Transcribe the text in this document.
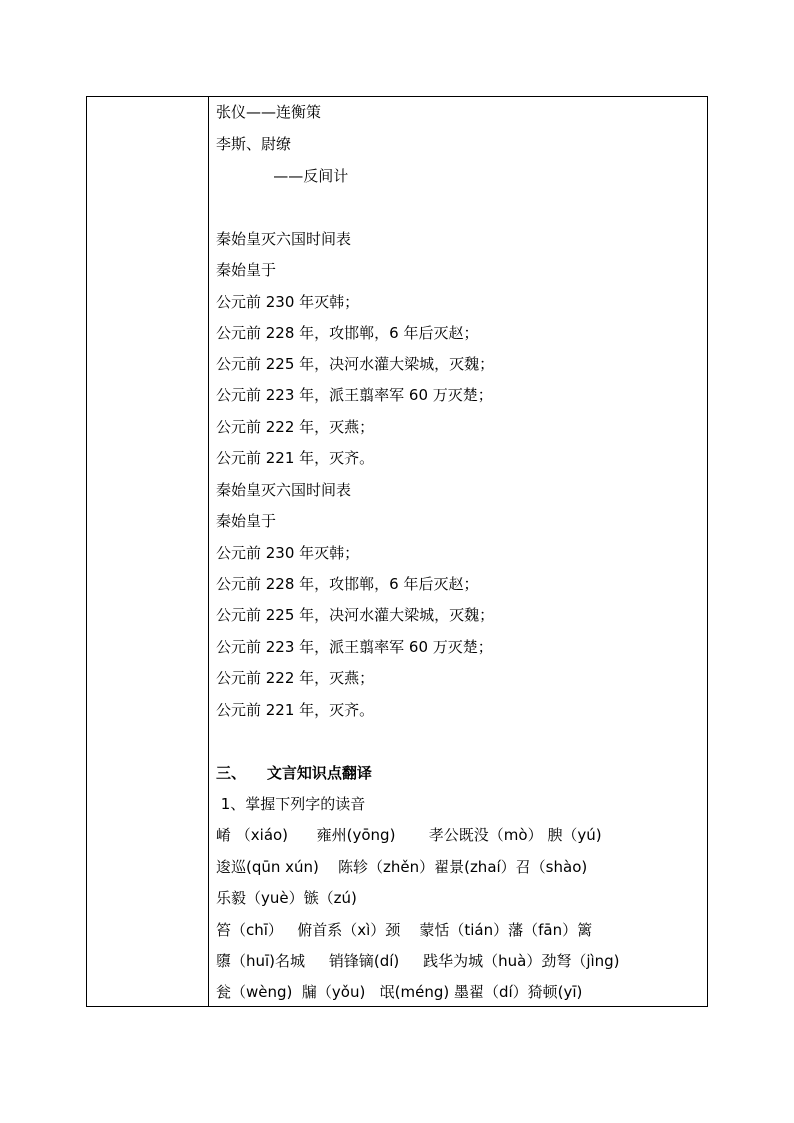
张仪——连衡策
李斯、尉缭
——反间计
秦始皇灭六国时间表
秦始皇于
公元前 230 年灭韩；
公元前 228 年，攻邯郸，6 年后灭赵；
公元前 225 年，决河水灌大梁城，灭魏；
公元前 223 年，派王翦率军 60 万灭楚；
公元前 222 年，灭燕；
公元前 221 年，灭齐。
秦始皇灭六国时间表
秦始皇于
公元前 230 年灭韩；
公元前 228 年，攻邯郸，6 年后灭赵；
公元前 225 年，决河水灌大梁城，灭魏；
公元前 223 年，派王翦率军 60 万灭楚；
公元前 222 年，灭燕；
公元前 221 年，灭齐。
三、    文言知识点翻译
1、掌握下列字的读音
崤 （xiáo)      雍州(yōng)       孝公既没（mò） 腴（yú)
逡巡(qūn xún)    陈轸（zhěn）翟景(zhaí）召（shào)
乐毅（yuè）镞（zú)
笞（chī）   俯首系（xì）颈    蒙恬（tián）藩（fān）篱
隳（huī)名城     销锋镝(dí)     践华为城（huà）劲弩（jìng)
瓮（wèng)  牖（yǒu)   氓(méng) 墨翟（dí）猗顿(yī)
